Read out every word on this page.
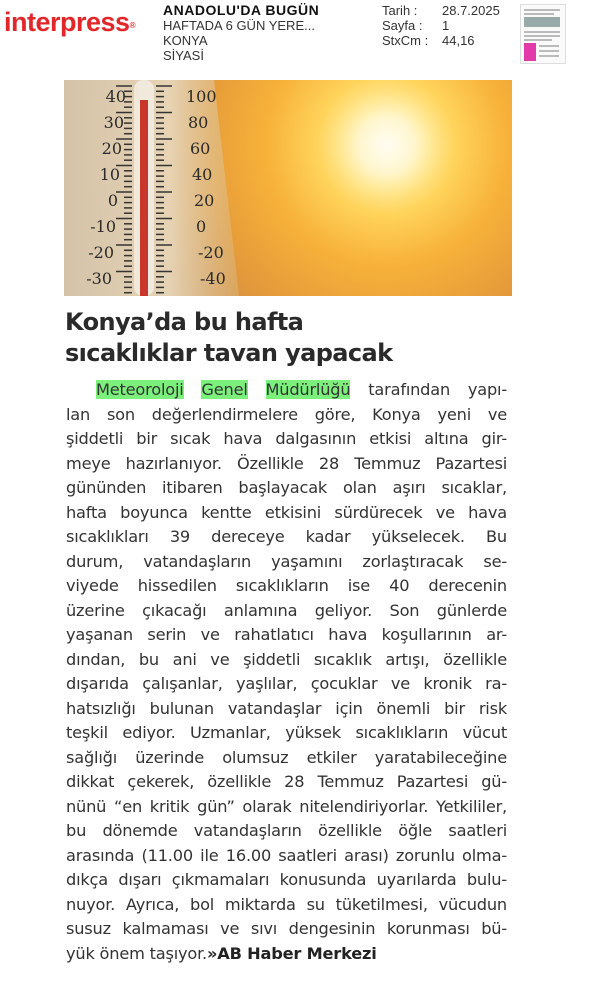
interpress®
ANADOLU'DA BUGÜN
HAFTADA 6 GÜN YERE...
KONYA
SİYASİ
Tarih :	28.7.2025
Sayfa :	1
StxCm :	44,16
40
30
20
10
0
-10
-20
-30
100
80
60
40
20
0
-20
-40
Konya’da bu hafta
sıcaklıklar tavan yapacak
Meteoroloji Genel Müdürlüğü tarafından yapı-
lan son değerlendirmelere göre, Konya yeni ve
şiddetli bir sıcak hava dalgasının etkisi altına gir-
meye hazırlanıyor. Özellikle 28 Temmuz Pazartesi
gününden itibaren başlayacak olan aşırı sıcaklar,
hafta boyunca kentte etkisini sürdürecek ve hava
sıcaklıkları 39 dereceye kadar yükselecek. Bu
durum, vatandaşların yaşamını zorlaştıracak se-
viyede hissedilen sıcaklıkların ise 40 derecenin
üzerine çıkacağı anlamına geliyor. Son günlerde
yaşanan serin ve rahatlatıcı hava koşullarının ar-
dından, bu ani ve şiddetli sıcaklık artışı, özellikle
dışarıda çalışanlar, yaşlılar, çocuklar ve kronik ra-
hatsızlığı bulunan vatandaşlar için önemli bir risk
teşkil ediyor. Uzmanlar, yüksek sıcaklıkların vücut
sağlığı üzerinde olumsuz etkiler yaratabileceğine
dikkat çekerek, özellikle 28 Temmuz Pazartesi gü-
nünü “en kritik gün” olarak nitelendiriyorlar. Yetkililer,
bu dönemde vatandaşların özellikle öğle saatleri
arasında (11.00 ile 16.00 saatleri arası) zorunlu olma-
dıkça dışarı çıkmamaları konusunda uyarılarda bulu-
nuyor. Ayrıca, bol miktarda su tüketilmesi, vücudun
susuz kalmaması ve sıvı dengesinin korunması bü-
yük önem taşıyor.»AB Haber Merkezi
